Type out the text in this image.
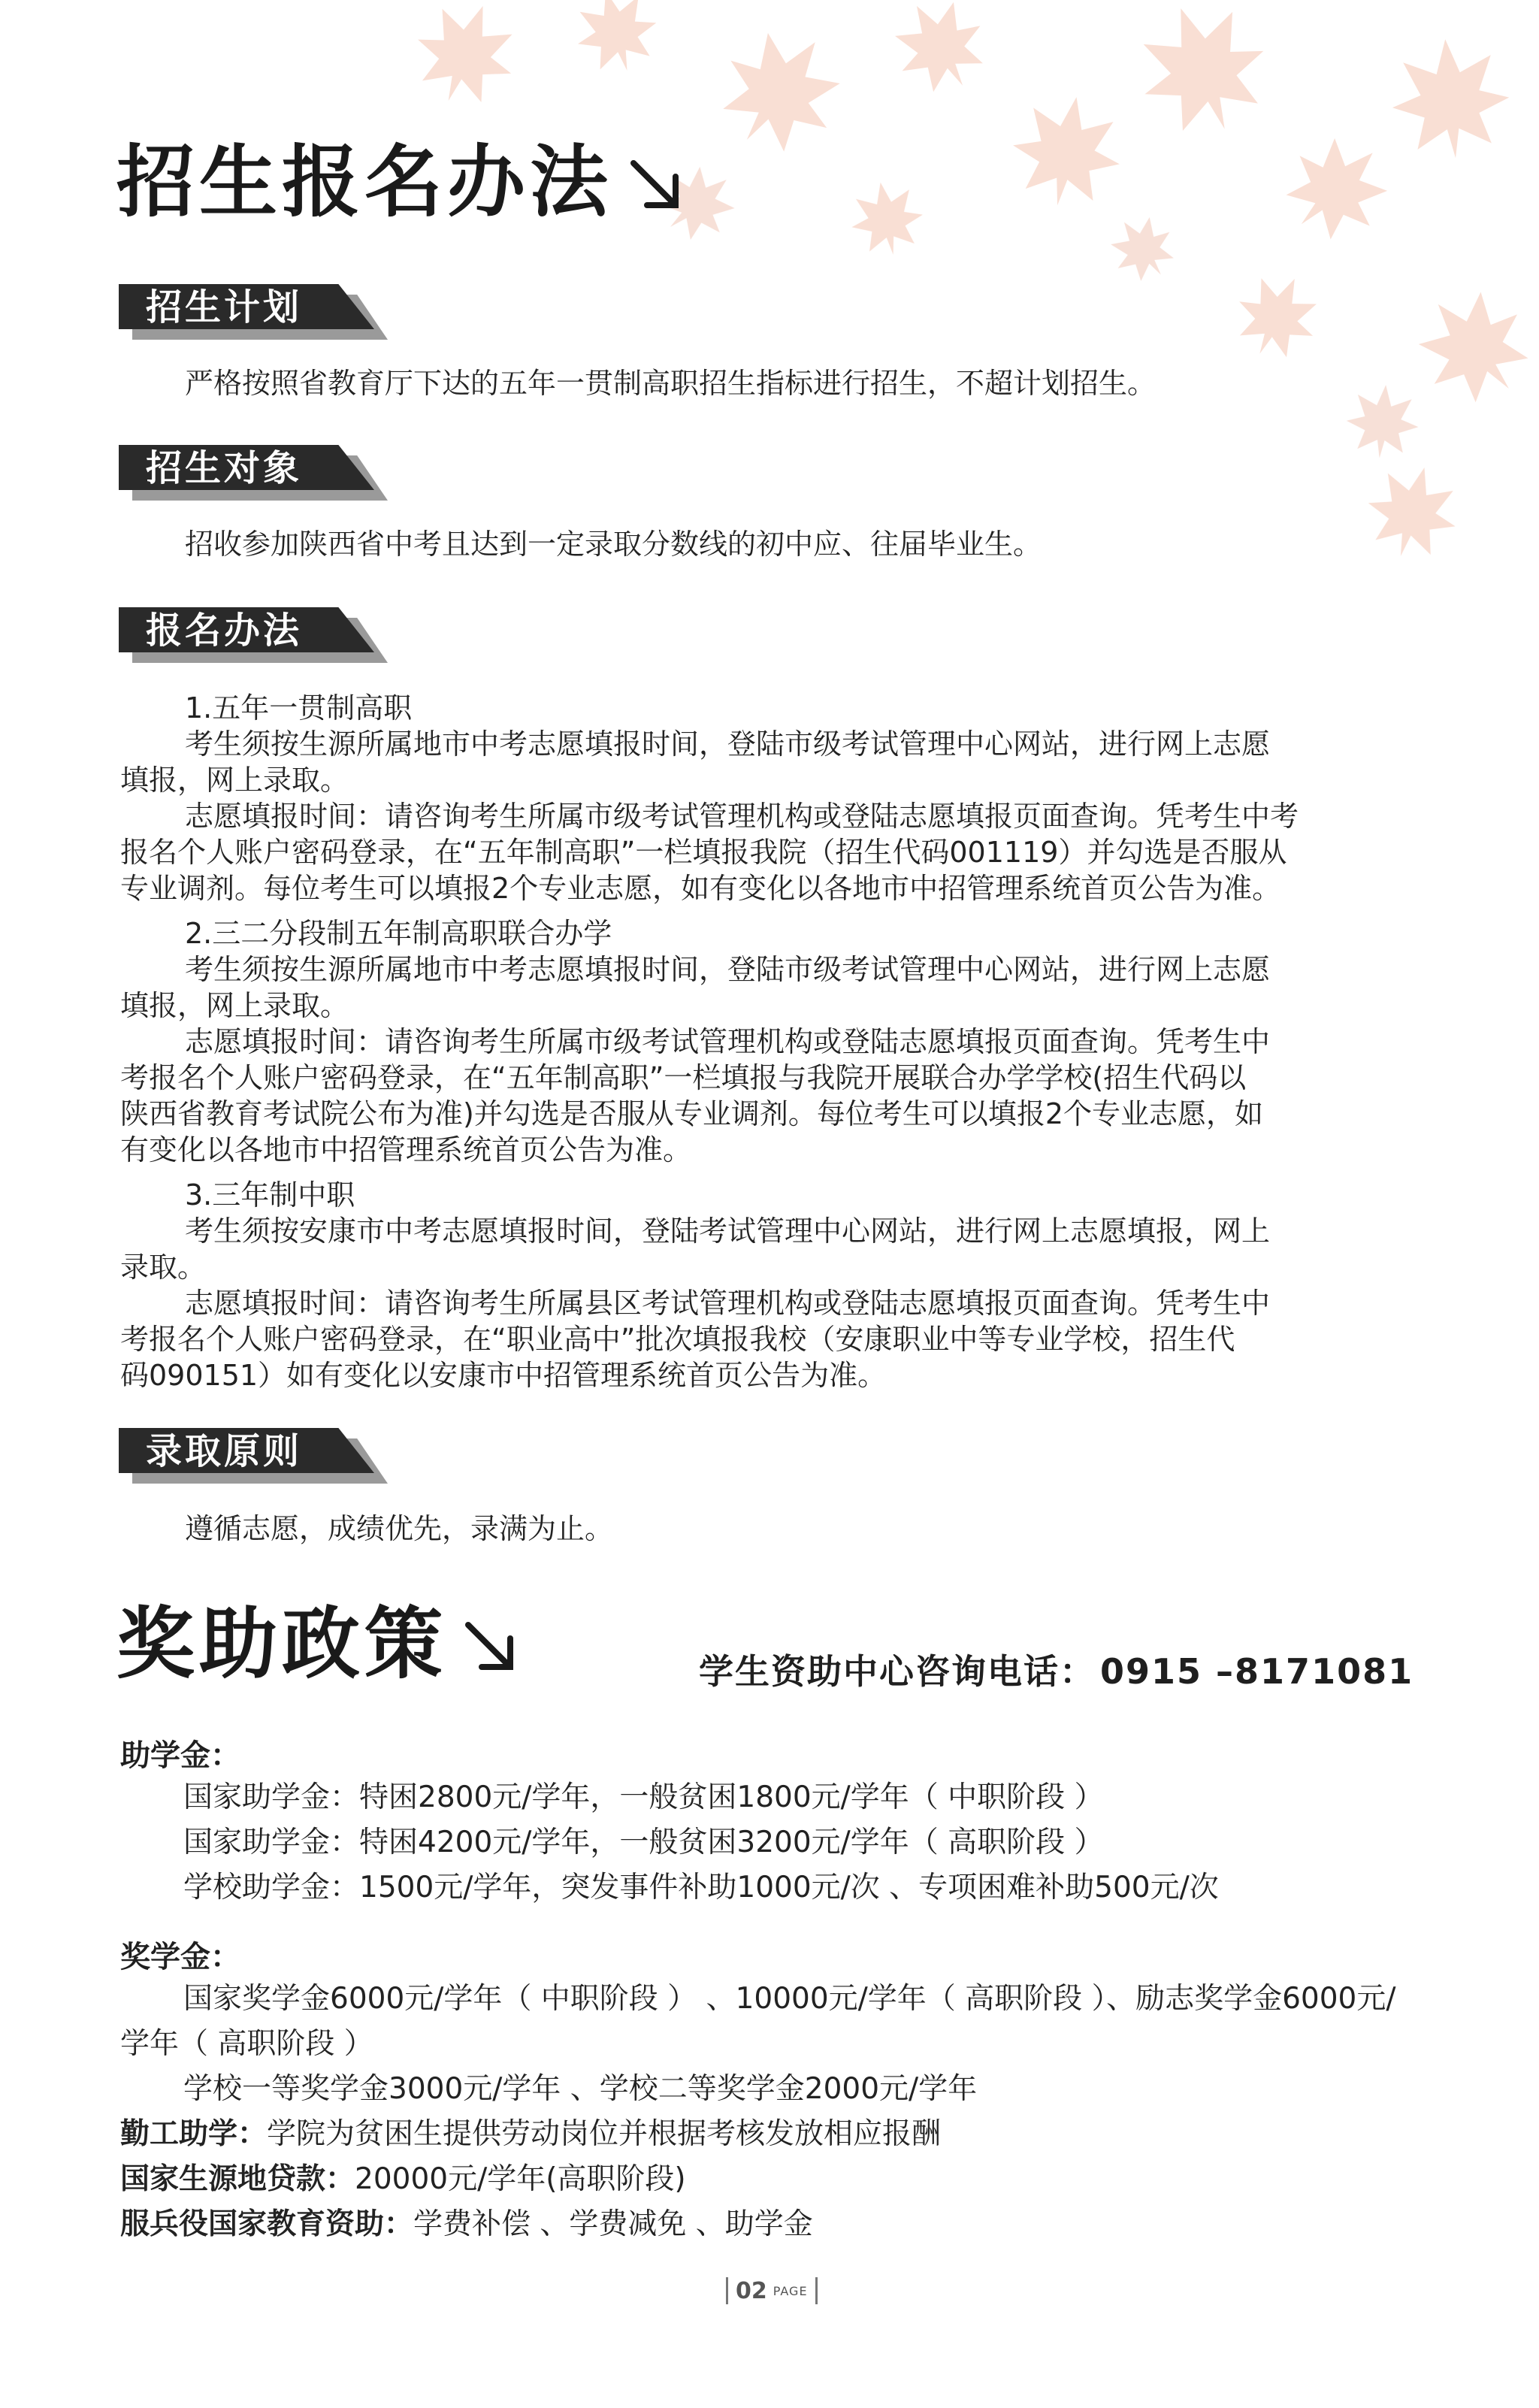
招生报名办法
招生计划
严格按照省教育厅下达的五年一贯制高职招生指标进行招生，不超计划招生。
招生对象
招收参加陕西省中考且达到一定录取分数线的初中应、往届毕业生。
报名办法
1.五年一贯制高职
考生须按生源所属地市中考志愿填报时间，登陆市级考试管理中心网站，进行网上志愿
填报，网上录取。
志愿填报时间：请咨询考生所属市级考试管理机构或登陆志愿填报页面查询。凭考生中考
报名个人账户密码登录，在“五年制高职”一栏填报我院（招生代码001119）并勾选是否服从
专业调剂。每位考生可以填报2个专业志愿，如有变化以各地市中招管理系统首页公告为准。
2.三二分段制五年制高职联合办学
考生须按生源所属地市中考志愿填报时间，登陆市级考试管理中心网站，进行网上志愿
填报，网上录取。
志愿填报时间：请咨询考生所属市级考试管理机构或登陆志愿填报页面查询。凭考生中
考报名个人账户密码登录，在“五年制高职”一栏填报与我院开展联合办学学校(招生代码以
陕西省教育考试院公布为准)并勾选是否服从专业调剂。每位考生可以填报2个专业志愿，如
有变化以各地市中招管理系统首页公告为准。
3.三年制中职
考生须按安康市中考志愿填报时间，登陆考试管理中心网站，进行网上志愿填报，网上
录取。
志愿填报时间：请咨询考生所属县区考试管理机构或登陆志愿填报页面查询。凭考生中
考报名个人账户密码登录，在“职业高中”批次填报我校（安康职业中等专业学校，招生代
码090151）如有变化以安康市中招管理系统首页公告为准。
录取原则
遵循志愿，成绩优先，录满为止。
奖助政策	学生资助中心咨询电话： 0915 –8171081
助学金：
国家助学金：特困2800元/学年，一般贫困1800元/学年（ 中职阶段 ）
国家助学金：特困4200元/学年，一般贫困3200元/学年（ 高职阶段 ）
学校助学金：1500元/学年，突发事件补助1000元/次 、专项困难补助500元/次
奖学金：
国家奖学金6000元/学年（ 中职阶段 ） 、10000元/学年（ 高职阶段 ）、励志奖学金6000元/
学年（ 高职阶段 ）
学校一等奖学金3000元/学年 、学校二等奖学金2000元/学年
勤工助学：学院为贫困生提供劳动岗位并根据考核发放相应报酬
国家生源地贷款：20000元/学年(高职阶段)
服兵役国家教育资助：学费补偿 、学费减免 、助学金
02 PAGE
